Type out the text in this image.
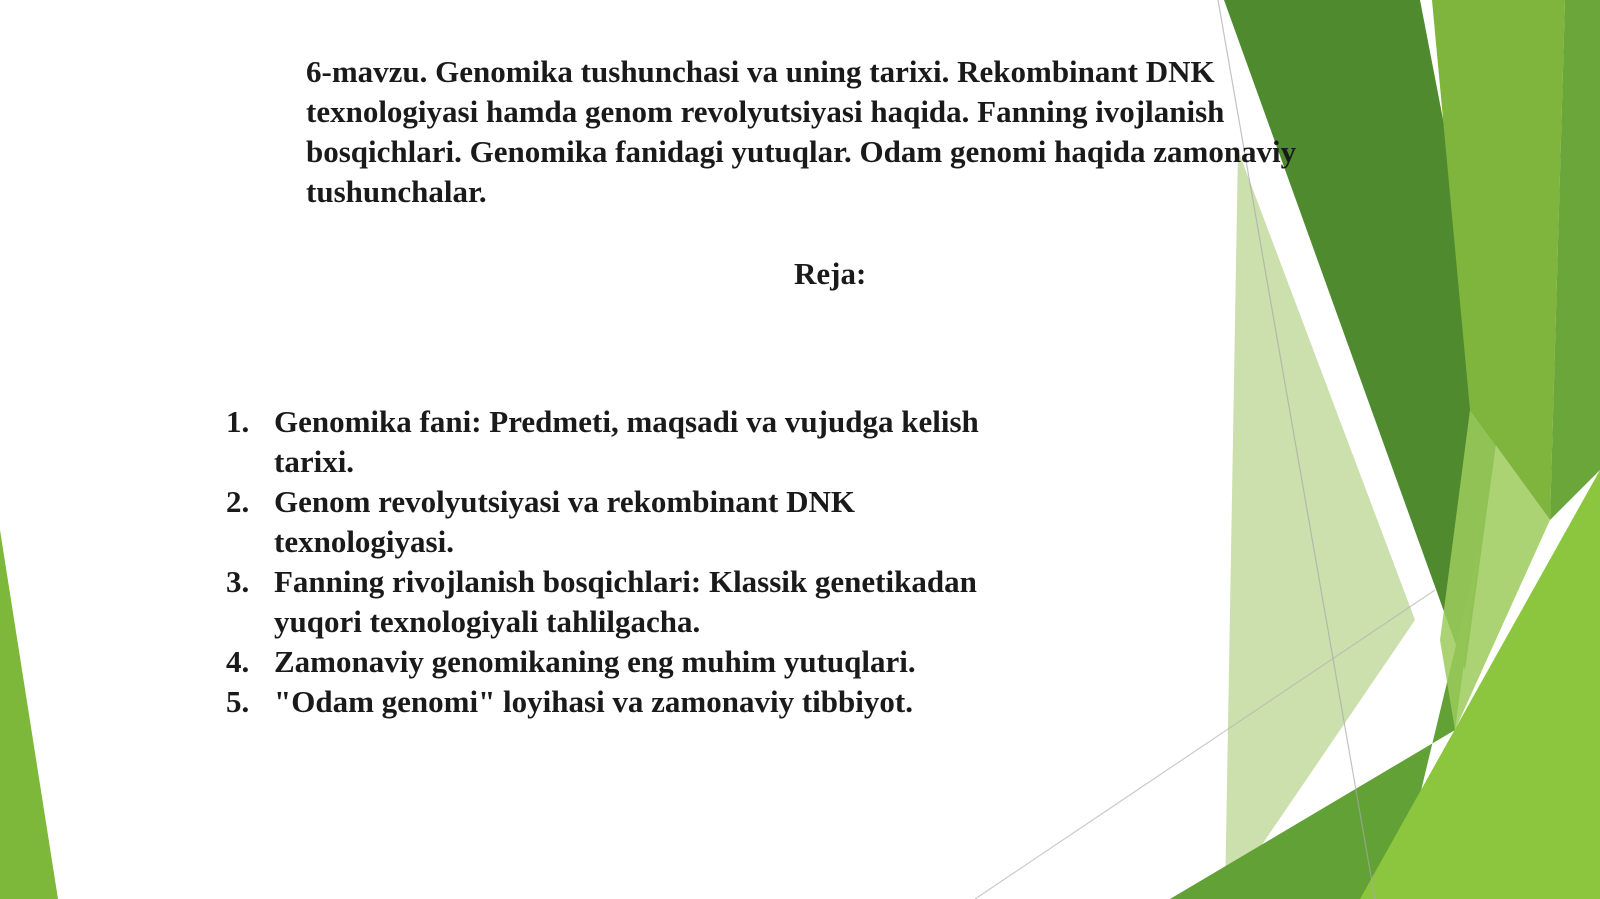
6-mavzu. Genomika tushunchasi va uning tarixi. Rekombinant DNK texnologiyasi hamda genom revolyutsiyasi haqida. Fanning ivojlanish bosqichlari. Genomika fanidagi yutuqlar. Odam genomi haqida zamonaviy tushunchalar.

Reja:

1. Genomika fani: Predmeti, maqsadi va vujudga kelish tarixi.
2. Genom revolyutsiyasi va rekombinant DNK texnologiyasi.
3. Fanning rivojlanish bosqichlari: Klassik genetikadan yuqori texnologiyali tahlilgacha.
4. Zamonaviy genomikaning eng muhim yutuqlari.
5. "Odam genomi" loyihasi va zamonaviy tibbiyot.
